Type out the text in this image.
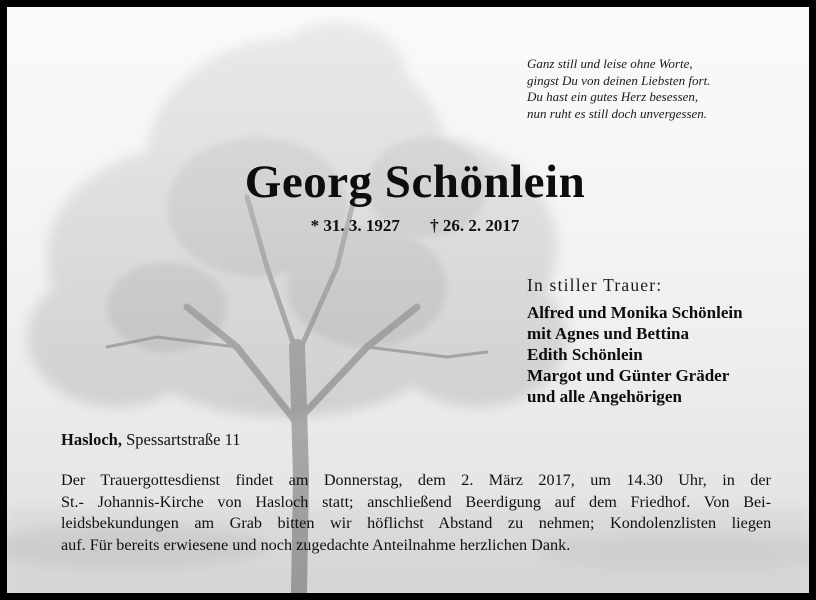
Ganz still und leise ohne Worte,
gingst Du von deinen Liebsten fort.
Du hast ein gutes Herz besessen,
nun ruht es still doch unvergessen.
Georg Schönlein
* 31. 3. 1927 † 26. 2. 2017
In stiller Trauer:
Alfred und Monika Schönlein
mit Agnes und Bettina
Edith Schönlein
Margot und Günter Gräder
und alle Angehörigen
Hasloch, Spessartstraße 11
Der Trauergottesdienst findet am Donnerstag, dem 2. März 2017, um 14.30 Uhr, in der
St.- Johannis-Kirche von Hasloch statt; anschließend Beerdigung auf dem Friedhof. Von Bei-
leidsbekundungen am Grab bitten wir höflichst Abstand zu nehmen; Kondolenzlisten liegen
auf. Für bereits erwiesene und noch zugedachte Anteilnahme herzlichen Dank.
